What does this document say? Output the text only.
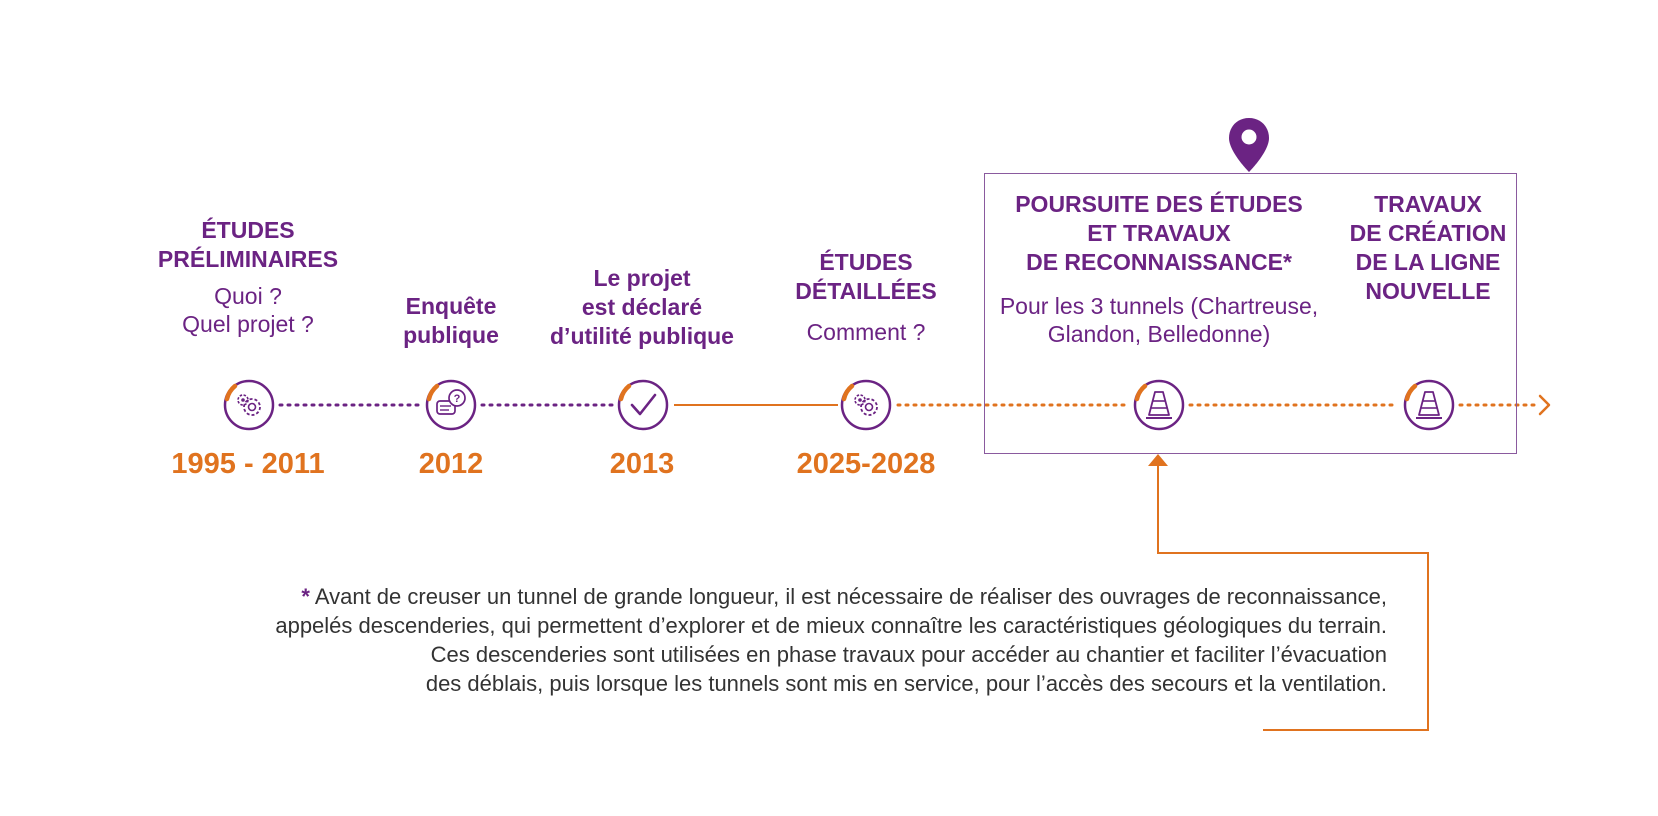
ÉTUDES
PRÉLIMINAIRES

Quoi ?
Quel projet ?

1995 - 2011

Enquête
publique

?
2012

Le projet
est déclaré
d’utilité publique

2013

ÉTUDES
DÉTAILLÉES

Comment ?

2025-2028

POURSUITE DES ÉTUDES
ET TRAVAUX
DE RECONNAISSANCE*

Pour les 3 tunnels (Chartreuse,
Glandon, Belledonne)

TRAVAUX
DE CRÉATION
DE LA LIGNE
NOUVELLE

* Avant de creuser un tunnel de grande longueur, il est nécessaire de réaliser des ouvrages de reconnaissance,
appelés descenderies, qui permettent d’explorer et de mieux connaître les caractéristiques géologiques du terrain.
Ces descenderies sont utilisées en phase travaux pour accéder au chantier et faciliter l’évacuation
des déblais, puis lorsque les tunnels sont mis en service, pour l’accès des secours et la ventilation.
